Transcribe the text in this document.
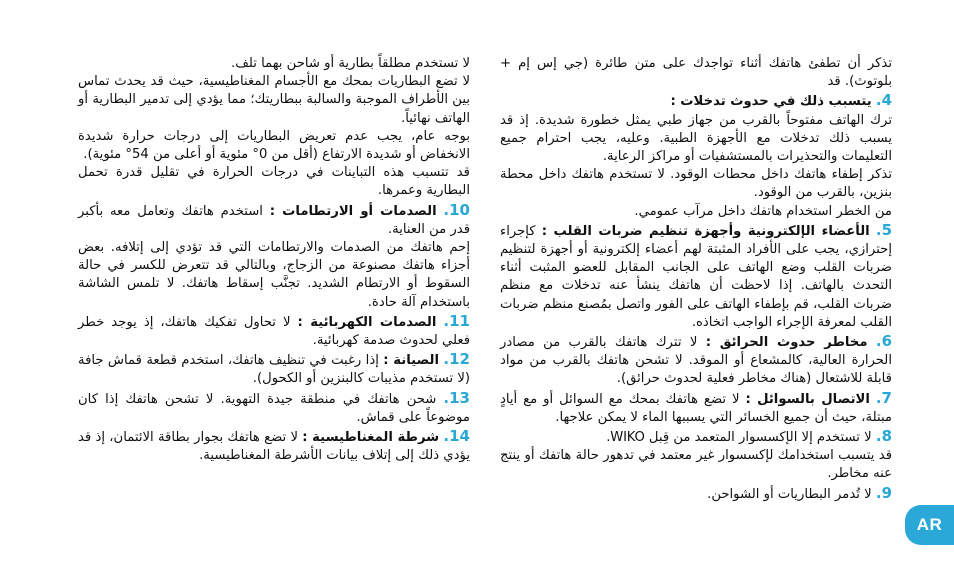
تذكر أن تطفئ هاتفك أثناء تواجدك على متن طائرة (جي إس إم + بلوتوث). قد

4. يتسبب ذلك في حدوث تدخلات :

ترك الهاتف مفتوحاً بالقرب من جهاز طبي يمثل خطورة شديدة. إذ قد يسبب ذلك تدخلات مع الأجهزة الطبية. وعليه، يجب احترام جميع التعليمات والتحذيرات بالمستشفيات أو مراكز الرعاية.

تذكر إطفاء هاتفك داخل محطات الوقود. لا تستخدم هاتفك داخل محطة بنزين، بالقرب من الوقود.

من الخطر استخدام هاتفك داخل مرآب عمومي.

5. الأعضاء الإلكترونية وأجهزة تنظيم ضربات القلب : كإجراء إحترازي، يجب على الأفراد المثبتة لهم أعضاء إلكترونية أو أجهزة لتنظيم ضربات القلب وضع الهاتف على الجانب المقابل للعضو المثبت أثناء التحدث بالهاتف. إذا لاحظت أن هاتفك ينشأ عنه تدخلات مع منظم ضربات القلب، قم بإطفاء الهاتف على الفور واتصل بمُصنع منظم ضربات القلب لمعرفة الإجراء الواجب اتخاذه.

6. مخاطر حدوث الحرائق : لا تترك هاتفك بالقرب من مصادر الحرارة العالية، كالمشعاع أو الموقد. لا تشحن هاتفك بالقرب من مواد قابلة للاشتعال (هناك مخاطر فعلية لحدوث حرائق).

7. الاتصال بالسوائل : لا تضع هاتفك بمحك مع السوائل أو مع أيادٍ مبتلة، حيث أن جميع الخسائر التي يسببها الماء لا يمكن علاجها.

8. لا تستخدم إلا الإكسسوار المتعمد من قِبل WIKO.

قد يتسبب استخدامك لإكسسوار غير معتمد في تدهور حالة هاتفك أو ينتج عنه مخاطر.

9. لا تُدمر البطاريات أو الشواحن.

لا تستخدم مطلقاً بطارية أو شاحن بهما تلف.

لا تضع البطاريات بمحك مع الأجسام المغناطيسية، حيث قد يحدث تماس بين الأطراف الموجبة والسالبة ببطاريتك؛ مما يؤدي إلى تدمير البطارية أو الهاتف نهائياً.

بوجه عام، يجب عدم تعريض البطاريات إلى درجات حرارة شديدة الانخفاض أو شديدة الارتفاع (أقل من 0° مئوية أو أعلى من 54° مئوية).

قد تتسبب هذه التباينات في درجات الحرارة في تقليل قدرة تحمل البطارية وعمرها.

10. الصدمات أو الارتطامات : استخدم هاتفك وتعامل معه بأكبر قدر من العناية.

إحم هاتفك من الصدمات والارتطامات التي قد تؤدي إلى إتلافه. بعض أجزاء هاتفك مصنوعة من الزجاج، وبالتالي قد تتعرض للكسر في حالة السقوط أو الارتطام الشديد. تجنَّب إسقاط هاتفك. لا تلمس الشاشة باستخدام آلة حادة.

11. الصدمات الكهربائية : لا تحاول تفكيك هاتفك، إذ يوجد خطر فعلي لحدوث صدمة كهربائية.

12. الصيانة : إذا رغبت في تنظيف هاتفك، استخدم قطعة قماش جافة (لا تستخدم مذيبات كالبنزين أو الكحول).

13. شحن هاتفك في منطقة جيدة التهوية. لا تشحن هاتفك إذا كان موضوعاً على قماش.

14. شرطة المغناطيسية : لا تضع هاتفك بجوار بطاقة الائتمان، إذ قد يؤدي ذلك إلى إتلاف بيانات الأشرطة المغناطيسية.

AR
